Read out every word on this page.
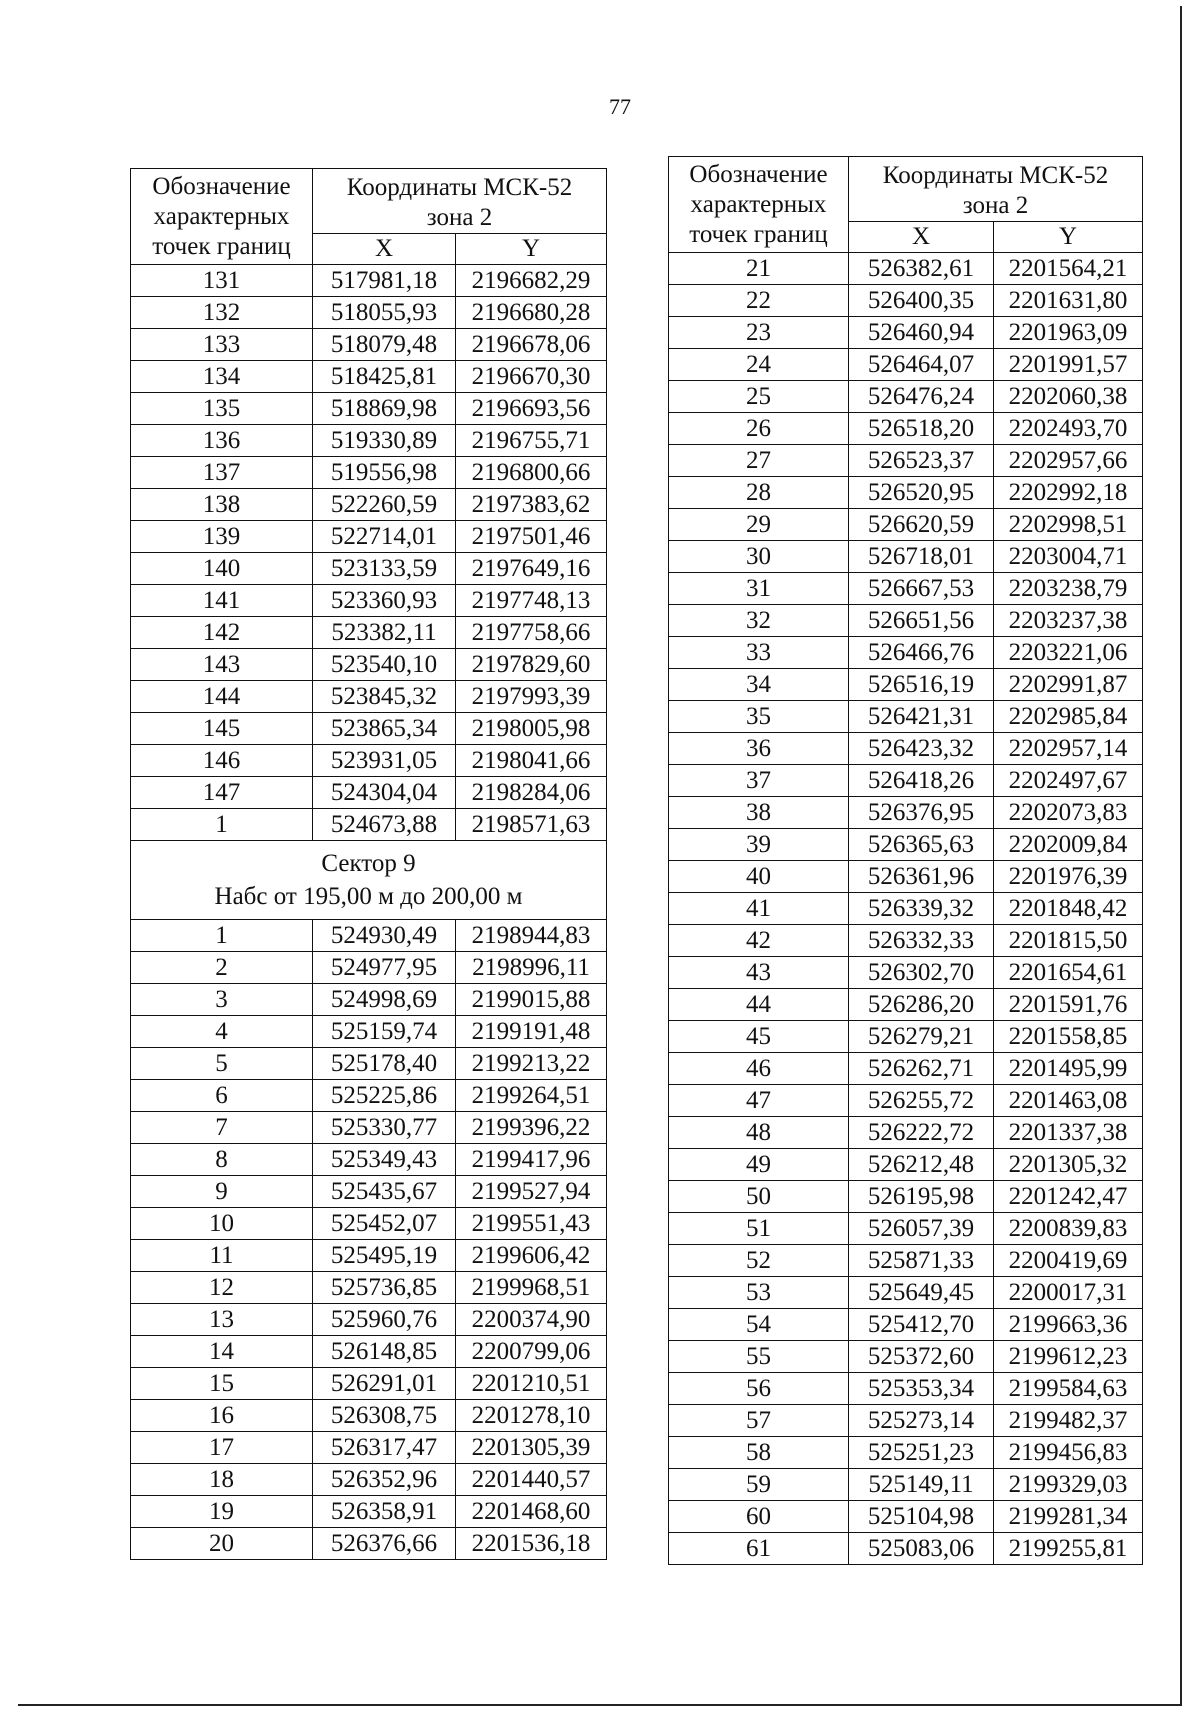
77
Обозначение
характерных
точек границ	Координаты МСК-52
зона 2	
	X	Y
131	517981,18	2196682,29
132	518055,93	2196680,28
133	518079,48	2196678,06
134	518425,81	2196670,30
135	518869,98	2196693,56
136	519330,89	2196755,71
137	519556,98	2196800,66
138	522260,59	2197383,62
139	522714,01	2197501,46
140	523133,59	2197649,16
141	523360,93	2197748,13
142	523382,11	2197758,66
143	523540,10	2197829,60
144	523845,32	2197993,39
145	523865,34	2198005,98
146	523931,05	2198041,66
147	524304,04	2198284,06
1	524673,88	2198571,63
Сектор 9
Набс от 195,00 м до 200,00 м		
1	524930,49	2198944,83
2	524977,95	2198996,11
3	524998,69	2199015,88
4	525159,74	2199191,48
5	525178,40	2199213,22
6	525225,86	2199264,51
7	525330,77	2199396,22
8	525349,43	2199417,96
9	525435,67	2199527,94
10	525452,07	2199551,43
11	525495,19	2199606,42
12	525736,85	2199968,51
13	525960,76	2200374,90
14	526148,85	2200799,06
15	526291,01	2201210,51
16	526308,75	2201278,10
17	526317,47	2201305,39
18	526352,96	2201440,57
19	526358,91	2201468,60
20	526376,66	2201536,18
Обозначение
характерных
точек границ	Координаты МСК-52
зона 2	
	X	Y
21	526382,61	2201564,21
22	526400,35	2201631,80
23	526460,94	2201963,09
24	526464,07	2201991,57
25	526476,24	2202060,38
26	526518,20	2202493,70
27	526523,37	2202957,66
28	526520,95	2202992,18
29	526620,59	2202998,51
30	526718,01	2203004,71
31	526667,53	2203238,79
32	526651,56	2203237,38
33	526466,76	2203221,06
34	526516,19	2202991,87
35	526421,31	2202985,84
36	526423,32	2202957,14
37	526418,26	2202497,67
38	526376,95	2202073,83
39	526365,63	2202009,84
40	526361,96	2201976,39
41	526339,32	2201848,42
42	526332,33	2201815,50
43	526302,70	2201654,61
44	526286,20	2201591,76
45	526279,21	2201558,85
46	526262,71	2201495,99
47	526255,72	2201463,08
48	526222,72	2201337,38
49	526212,48	2201305,32
50	526195,98	2201242,47
51	526057,39	2200839,83
52	525871,33	2200419,69
53	525649,45	2200017,31
54	525412,70	2199663,36
55	525372,60	2199612,23
56	525353,34	2199584,63
57	525273,14	2199482,37
58	525251,23	2199456,83
59	525149,11	2199329,03
60	525104,98	2199281,34
61	525083,06	2199255,81
